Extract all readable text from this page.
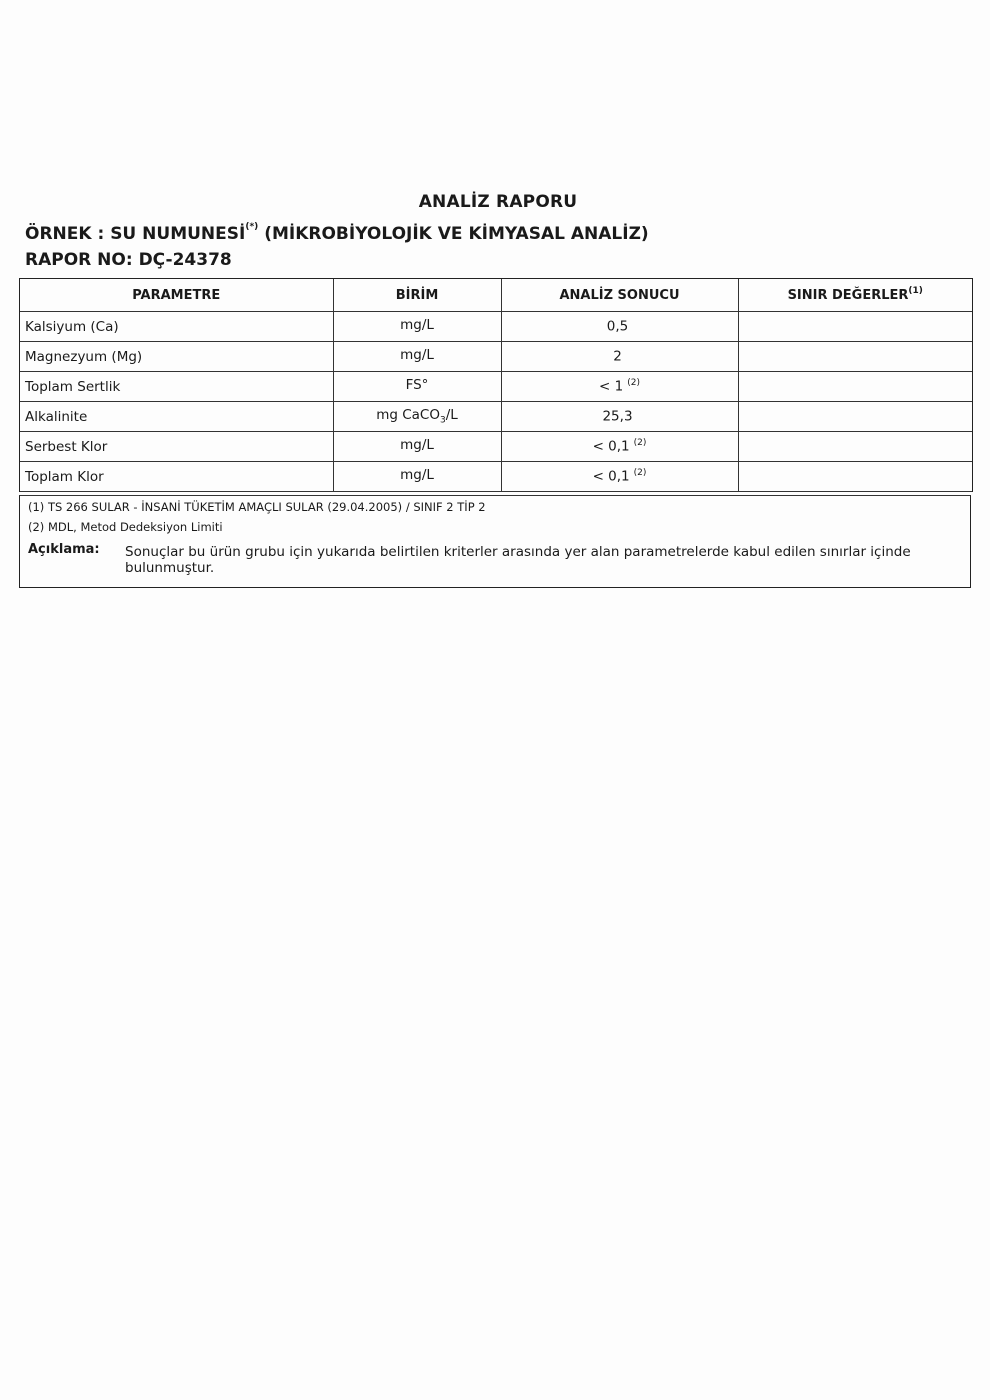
ANALİZ RAPORU
ÖRNEK : SU NUMUNESİ(*) (MİKROBİYOLOJİK VE KİMYASAL ANALİZ)
RAPOR NO: DÇ-24378
PARAMETRE	BİRİM	ANALİZ SONUCU	SINIR DEĞERLER$^{(1)}$
Kalsiyum (Ca)	mg/L	0,5	
Magnezyum (Mg)	mg/L	2	
Toplam Sertlik	FS°	< 1 $^{(2)}$	
Alkalinite	mg CaCO$_3$/L	25,3	
Serbest Klor	mg/L	< 0,1 $^{(2)}$	
Toplam Klor	mg/L	< 0,1 $^{(2)}$	
(1) TS 266 SULAR - İNSANİ TÜKETİM AMAÇLI SULAR (29.04.2005) / SINIF 2 TİP 2
(2) MDL, Metod Dedeksiyon Limiti
Açıklama: Sonuçlar bu ürün grubu için yukarıda belirtilen kriterler arasında yer alan parametrelerde kabul edilen sınırlar içinde bulunmuştur.
